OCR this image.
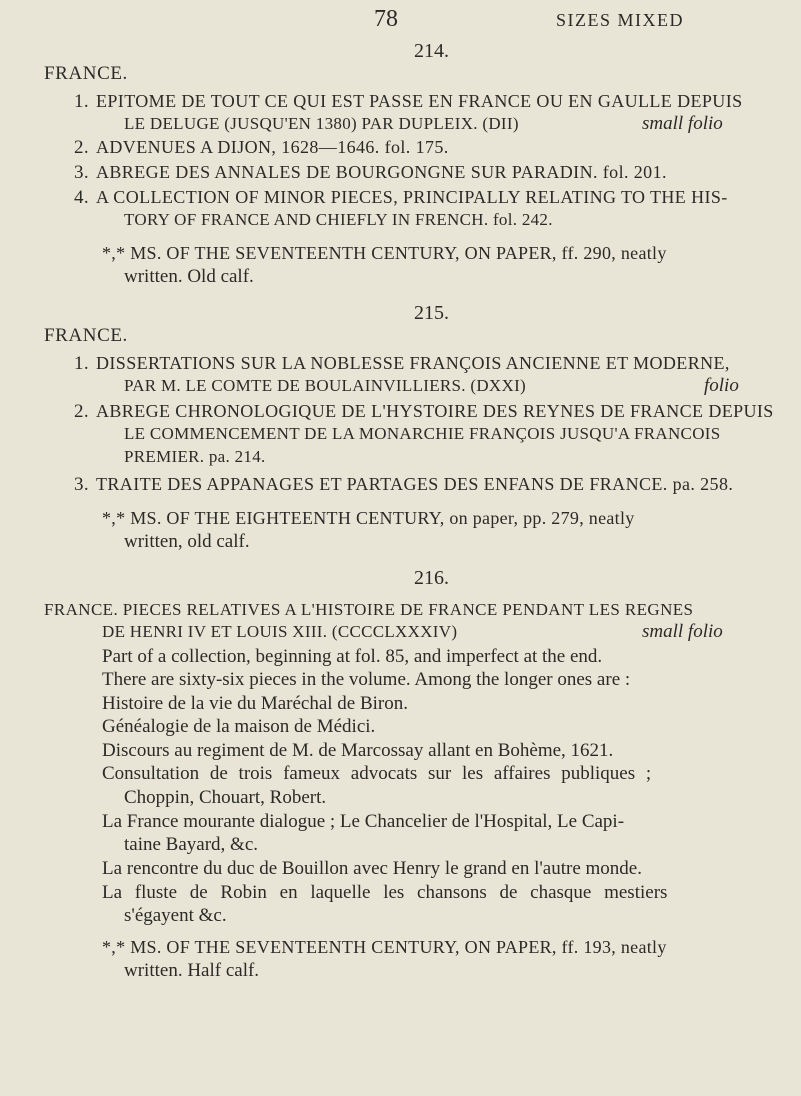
78	SIZES MIXED
214.
FRANCE.
1. EPITOME DE TOUT CE QUI EST PASSE EN FRANCE OU EN GAULLE DEPUIS
LE DELUGE (JUSQU'EN 1380) PAR DUPLEIX. (DII)	small folio
2. ADVENUES A DIJON, 1628—1646. fol. 175.
3. ABREGE DES ANNALES DE BOURGONGNE SUR PARADIN. fol. 201.
4. A COLLECTION OF MINOR PIECES, PRINCIPALLY RELATING TO THE HIS-
TORY OF FRANCE AND CHIEFLY IN FRENCH. fol. 242.
*,* MS. OF THE SEVENTEENTH CENTURY, ON PAPER, ff. 290, neatly
written. Old calf.
215.
FRANCE.
1. DISSERTATIONS SUR LA NOBLESSE FRANÇOIS ANCIENNE ET MODERNE,
PAR M. LE COMTE DE BOULAINVILLIERS. (DXXI)	folio
2. ABREGE CHRONOLOGIQUE DE L'HYSTOIRE DES REYNES DE FRANCE DEPUIS
LE COMMENCEMENT DE LA MONARCHIE FRANÇOIS JUSQU'A FRANCOIS
PREMIER. pa. 214.
3. TRAITE DES APPANAGES ET PARTAGES DES ENFANS DE FRANCE. pa. 258.
*,* MS. OF THE EIGHTEENTH CENTURY, on paper, pp. 279, neatly
written, old calf.
216.
FRANCE. PIECES RELATIVES A L'HISTOIRE DE FRANCE PENDANT LES REGNES
DE HENRI IV ET LOUIS XIII. (CCCCLXXXIV)	small folio
Part of a collection, beginning at fol. 85, and imperfect at the end.
There are sixty-six pieces in the volume. Among the longer ones are :
Histoire de la vie du Maréchal de Biron.
Généalogie de la maison de Médici.
Discours au regiment de M. de Marcossay allant en Bohème, 1621.
Consultation de trois fameux advocats sur les affaires publiques ;
Choppin, Chouart, Robert.
La France mourante dialogue ; Le Chancelier de l'Hospital, Le Capi-
taine Bayard, &c.
La rencontre du duc de Bouillon avec Henry le grand en l'autre monde.
La fluste de Robin en laquelle les chansons de chasque mestiers
s'égayent &c.
*,* MS. OF THE SEVENTEENTH CENTURY, ON PAPER, ff. 193, neatly
written. Half calf.
